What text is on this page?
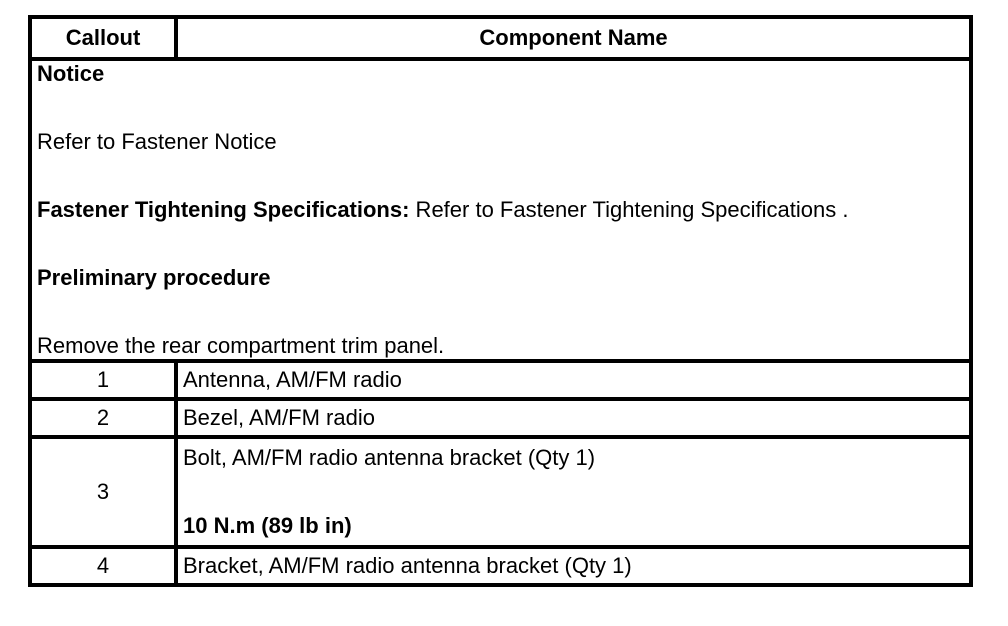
Callout	Component Name

Notice

Refer to Fastener Notice

Fastener Tightening Specifications: Refer to Fastener Tightening Specifications .

Preliminary procedure

Remove the rear compartment trim panel.	

1	Antenna, AM/FM radio
2	Bezel, AM/FM radio
3	Bolt, AM/FM radio antenna bracket (Qty 1)

10 N.m (89 lb in)

4	Bracket, AM/FM radio antenna bracket (Qty 1)
